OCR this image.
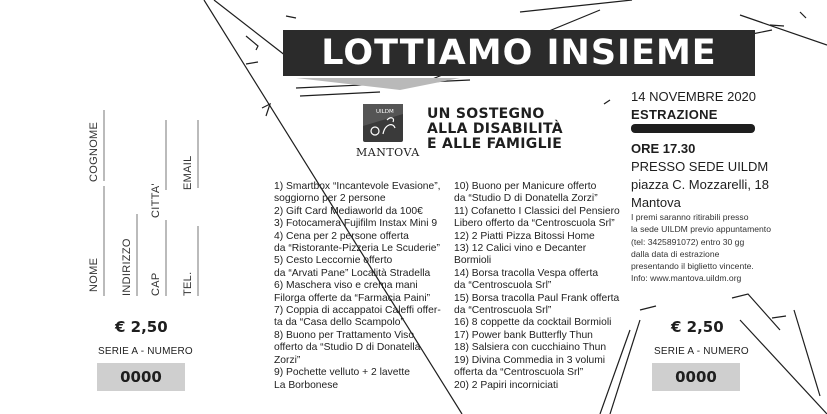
COGNOME
NOME INDIRIZZO
CITTA'
CAP
EMAIL
TEL.
€ 2,50
SERIE A - NUMERO
0000
LOTTIAMO INSIEME
UILDM
MANTOVA
UN SOSTEGNO
ALLA DISABILITÀ
E ALLE FAMIGLIE
1) Smartbox “Incantevole Evasione”,
soggiorno per 2 persone
2) Gift Card Mediaworld da 100€
3) Fotocamera Fujifilm Instax Mini 9
4) Cena per 2 persone offerta
da “Ristorante-Pizzeria Le Scuderie”
5) Cesto Leccornie offerto
da “Arvati Pane” Località Stradella
6) Maschera viso e crema mani
Filorga offerte da “Farmacia Paini”
7) Coppia di accappatoi Caleffi offer-
ta da “Casa dello Scampolo”
8) Buono per Trattamento Viso
offerto da “Studio D di Donatella
Zorzi”
9) Pochette velluto + 2 lavette
La Borbonese
10) Buono per Manicure offerto
da “Studio D di Donatella Zorzi”
11) Cofanetto I Classici del Pensiero
Libero offerto da “Centroscuola Srl”
12) 2 Piatti Pizza Bitossi Home
13) 12 Calici vino e Decanter
Bormioli
14) Borsa tracolla Vespa offerta
da “Centroscuola Srl”
15) Borsa tracolla Paul Frank offerta
da “Centroscuola Srl”
16) 8 coppette da cocktail Bormioli
17) Power bank Butterfly Thun
18) Salsiera con cucchiaino Thun
19) Divina Commedia in 3 volumi
offerta da “Centroscuola Srl”
20) 2 Papiri incorniciati
14 NOVEMBRE 2020
ESTRAZIONE
ORE 17.30
PRESSO SEDE UILDM
piazza C. Mozzarelli, 18
Mantova
I premi saranno ritirabili presso
la sede UILDM previo appuntamento
(tel: 3425891072) entro 30 gg
dalla data di estrazione
presentando il biglietto vincente.
Info: www.mantova.uildm.org
€ 2,50
SERIE A - NUMERO
0000
